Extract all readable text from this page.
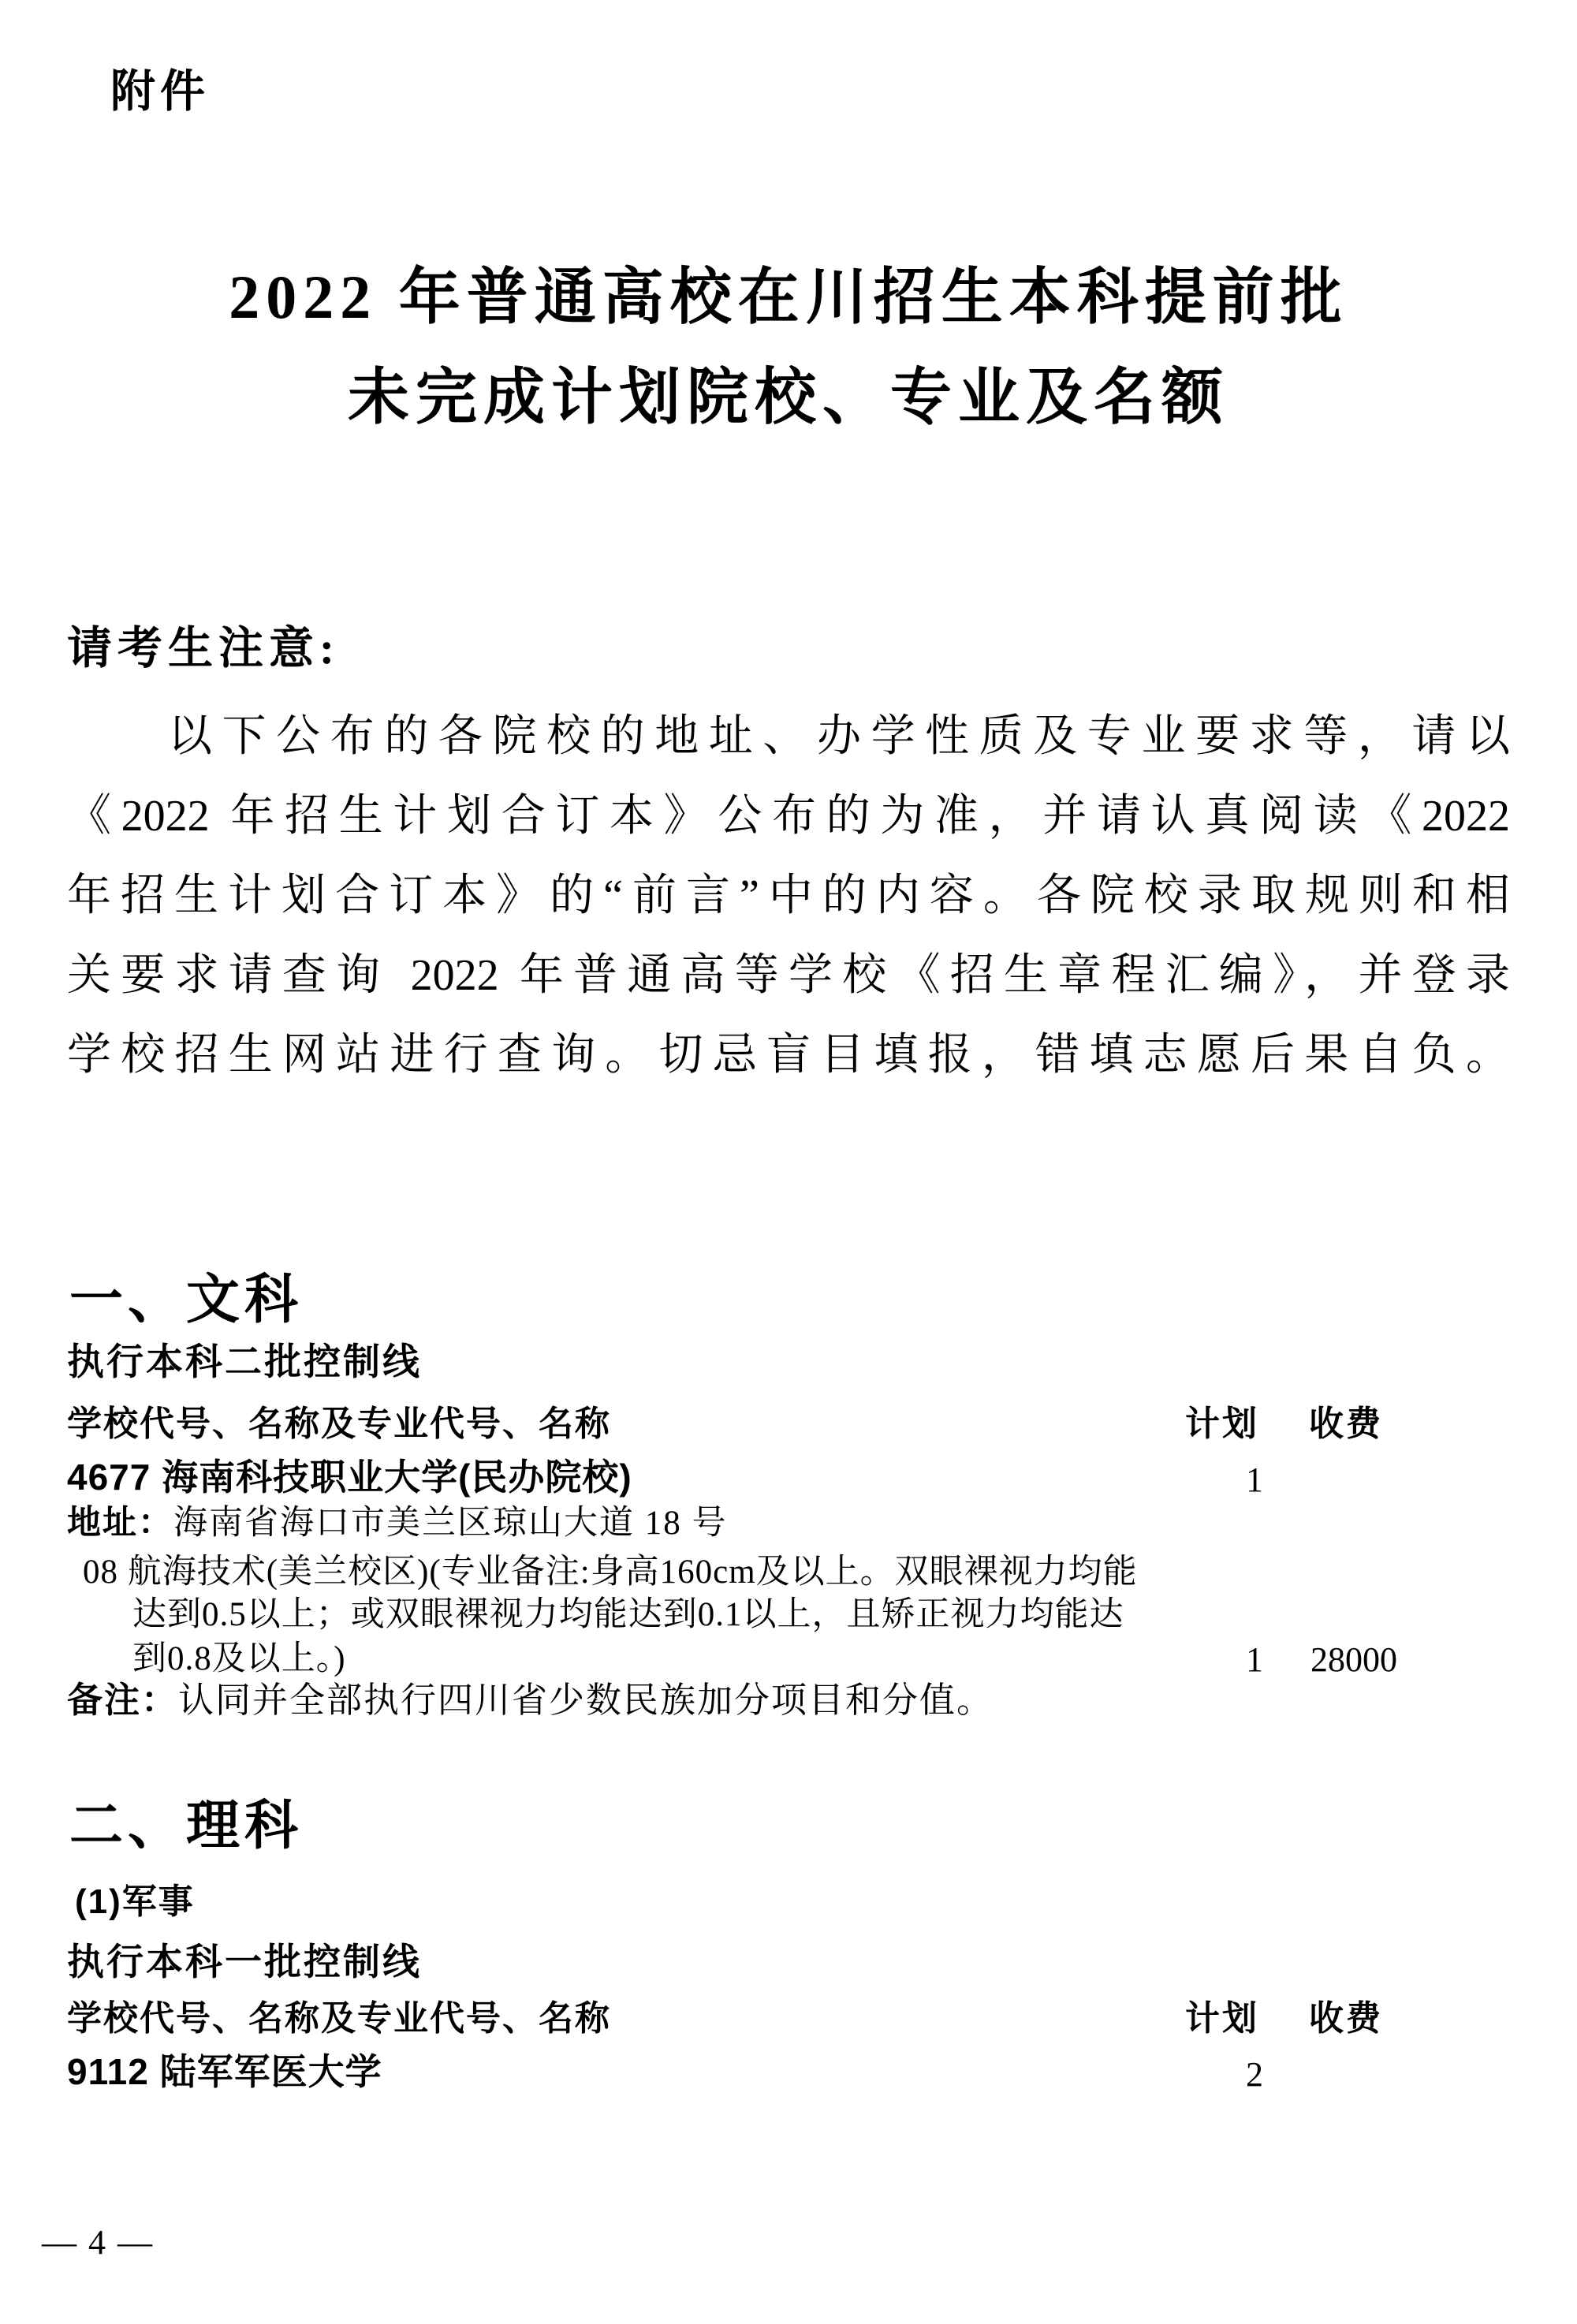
附件
2022 年普通高校在川招生本科提前批
未完成计划院校、专业及名额
请考生注意:
以下公布的各院校的地址、办学性质及专业要求等，请以
《2022 年招生计划合订本》公布的为准，并请认真阅读《2022
年招生计划合订本》的“前言”中的内容。各院校录取规则和相
关要求请查询 2022 年普通高等学校《招生章程汇编》，并登录
学校招生网站进行查询。切忌盲目填报，错填志愿后果自负。
一、文科
执行本科二批控制线
学校代号、名称及专业代号、名称	计划 收费
4677 海南科技职业大学(民办院校)	1
地址：海南省海口市美兰区琼山大道 18 号
08 航海技术(美兰校区)(专业备注:身高160cm及以上。双眼裸视力均能
达到0.5以上；或双眼裸视力均能达到0.1以上，且矫正视力均能达
到0.8及以上。)	1 28000
备注：认同并全部执行四川省少数民族加分项目和分值。
二、理科
(1)军事
执行本科一批控制线
学校代号、名称及专业代号、名称	计划 收费
9112 陆军军医大学	2
— 4 —
